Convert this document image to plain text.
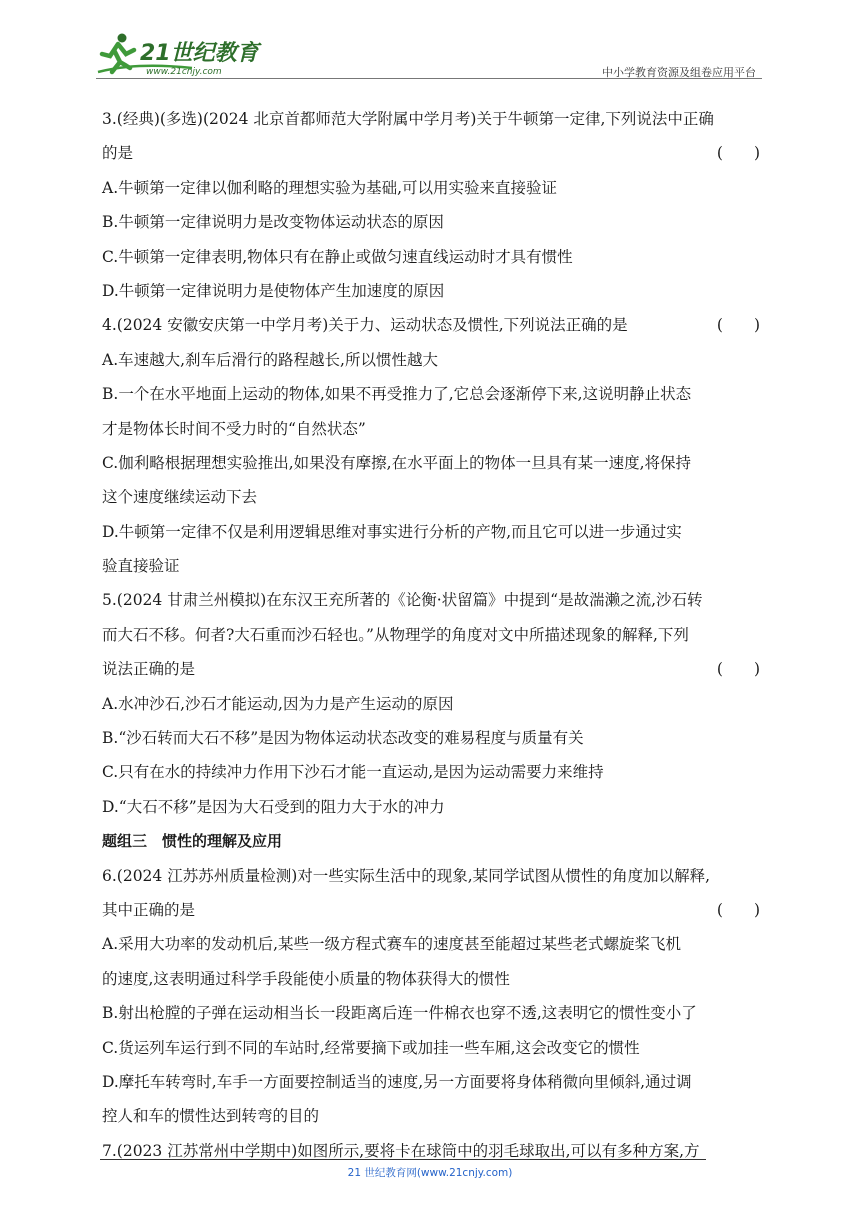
21世纪教育
www.21cnjy.com	中小学教育资源及组卷应用平台
3.(经典)(多选)(2024 北京首都师范大学附属中学月考)关于牛顿第一定律,下列说法中正确
的是	(　　)
A.牛顿第一定律以伽利略的理想实验为基础,可以用实验来直接验证
B.牛顿第一定律说明力是改变物体运动状态的原因
C.牛顿第一定律表明,物体只有在静止或做匀速直线运动时才具有惯性
D.牛顿第一定律说明力是使物体产生加速度的原因
4.(2024 安徽安庆第一中学月考)关于力、运动状态及惯性,下列说法正确的是	(　　)
A.车速越大,刹车后滑行的路程越长,所以惯性越大
B.一个在水平地面上运动的物体,如果不再受推力了,它总会逐渐停下来,这说明静止状态
才是物体长时间不受力时的“自然状态”
C.伽利略根据理想实验推出,如果没有摩擦,在水平面上的物体一旦具有某一速度,将保持
这个速度继续运动下去
D.牛顿第一定律不仅是利用逻辑思维对事实进行分析的产物,而且它可以进一步通过实
验直接验证
5.(2024 甘肃兰州模拟)在东汉王充所著的《论衡·状留篇》中提到“是故湍濑之流,沙石转
而大石不移。何者?大石重而沙石轻也。”从物理学的角度对文中所描述现象的解释,下列
说法正确的是	(　　)
A.水冲沙石,沙石才能运动,因为力是产生运动的原因
B.“沙石转而大石不移”是因为物体运动状态改变的难易程度与质量有关
C.只有在水的持续冲力作用下沙石才能一直运动,是因为运动需要力来维持
D.“大石不移”是因为大石受到的阻力大于水的冲力
题组三　惯性的理解及应用
6.(2024 江苏苏州质量检测)对一些实际生活中的现象,某同学试图从惯性的角度加以解释,
其中正确的是	(　　)
A.采用大功率的发动机后,某些一级方程式赛车的速度甚至能超过某些老式螺旋桨飞机
的速度,这表明通过科学手段能使小质量的物体获得大的惯性
B.射出枪膛的子弹在运动相当长一段距离后连一件棉衣也穿不透,这表明它的惯性变小了
C.货运列车运行到不同的车站时,经常要摘下或加挂一些车厢,这会改变它的惯性
D.摩托车转弯时,车手一方面要控制适当的速度,另一方面要将身体稍微向里倾斜,通过调
控人和车的惯性达到转弯的目的
7.(2023 江苏常州中学期中)如图所示,要将卡在球筒中的羽毛球取出,可以有多种方案,方
21 世纪教育网(www.21cnjy.com)
